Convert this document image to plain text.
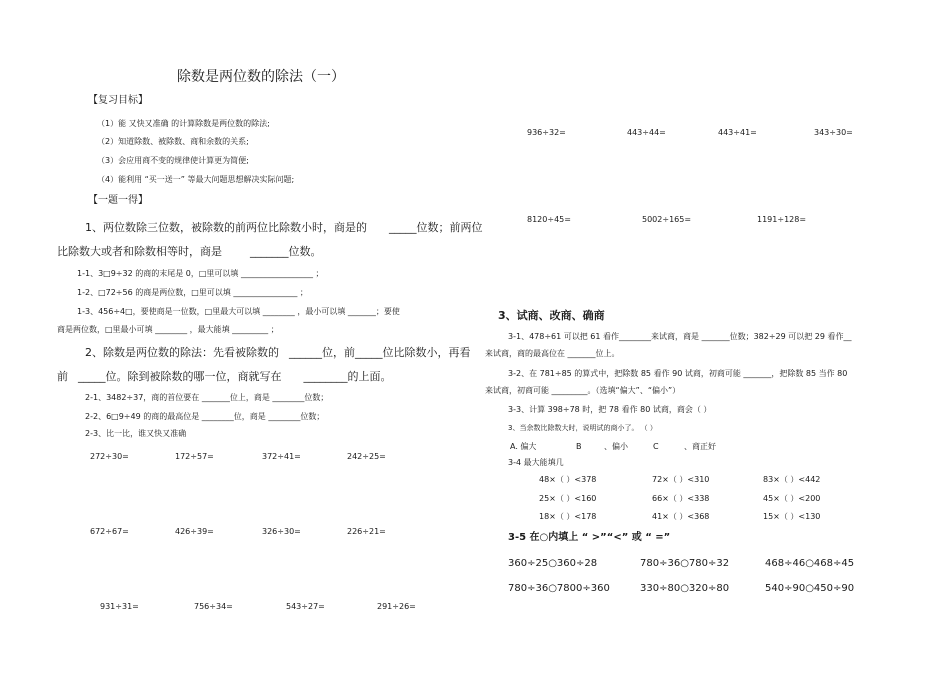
除数是两位数的除法（一）
【复习目标】
（1）能 又快又准确 的计算除数是两位数的除法;
（2）知道除数、被除数、商和余数的关系;
（3）会应用商不变的规律使计算更为简便;
（4）能利用 “买一送一” 等最大问题思想解决实际问题;
【一题一得】
1、两位数除三位数，被除数的前两位比除数小时，商是的 _____位数；前两位
比除数大或者和除数相等时，商是	_______位数。
1-1、3□9÷32 的商的末尾是 0，□里可以填 __________________ ；
1-2、□72÷56 的商是两位数，□里可以填 ________________ ；
1-3、456÷4□，要使商是一位数，□里最大可以填 ________ ，最小可以填 _______；要使
商是两位数，□里最小可填 ________ ，最大能填 _________ ；
2、除数是两位数的除法：先看被除数的 ______位，前_____位比除数小，再看
前 _____位。除到被除数的哪一位，商就写在 ________的上面。
2-1、3482÷37，商的首位要在 _______位上，商是 ________位数；
2-2、6□9÷49 的商的最高位是 ________位，商是 ________位数；
2-3、比一比，谁又快又准确
272÷30=	172÷57=	372÷41=	242÷25=
672÷67=	426÷39=	326÷30=	226÷21=
931÷31=	756÷34=	543÷27=	291÷26=
936÷32=	443÷44=	443÷41=	343÷30=
8120÷45=	5002÷165=	1191÷128=
3、试商、改商、确商
3-1、478÷61 可以把 61 看作________来试商，商是 _______位数；382÷29 可以把 29 看作__
来试商，商的最高位在 _______位上。
3-2、在 781÷85 的算式中，把除数 85 看作 90 试商，初商可能 _______，把除数 85 当作 80
来试商，初商可能 _________。（选填“偏大”、“偏小”）
3-3、计算 398÷78 时，把 78 看作 80 试商，商会（ ）
3、当余数比除数大时，说明试的商小了。 （ ）
A. 偏大	B	、偏小	C	、商正好
3-4 最大能填几
48×（ ）<378	72×（ ）<310	83×（ ）<442
25×（ ）<160	66×（ ）<338	45×（ ）<200
18×（ ）<178	41×（ ）<368	15×（ ）<130
3-5 在○内填上 “ >”“<” 或 “ =”
360÷25○360÷28	780÷36○780÷32	468÷46○468÷45
780÷36○7800÷360	330÷80○320÷80	540÷90○450÷90
